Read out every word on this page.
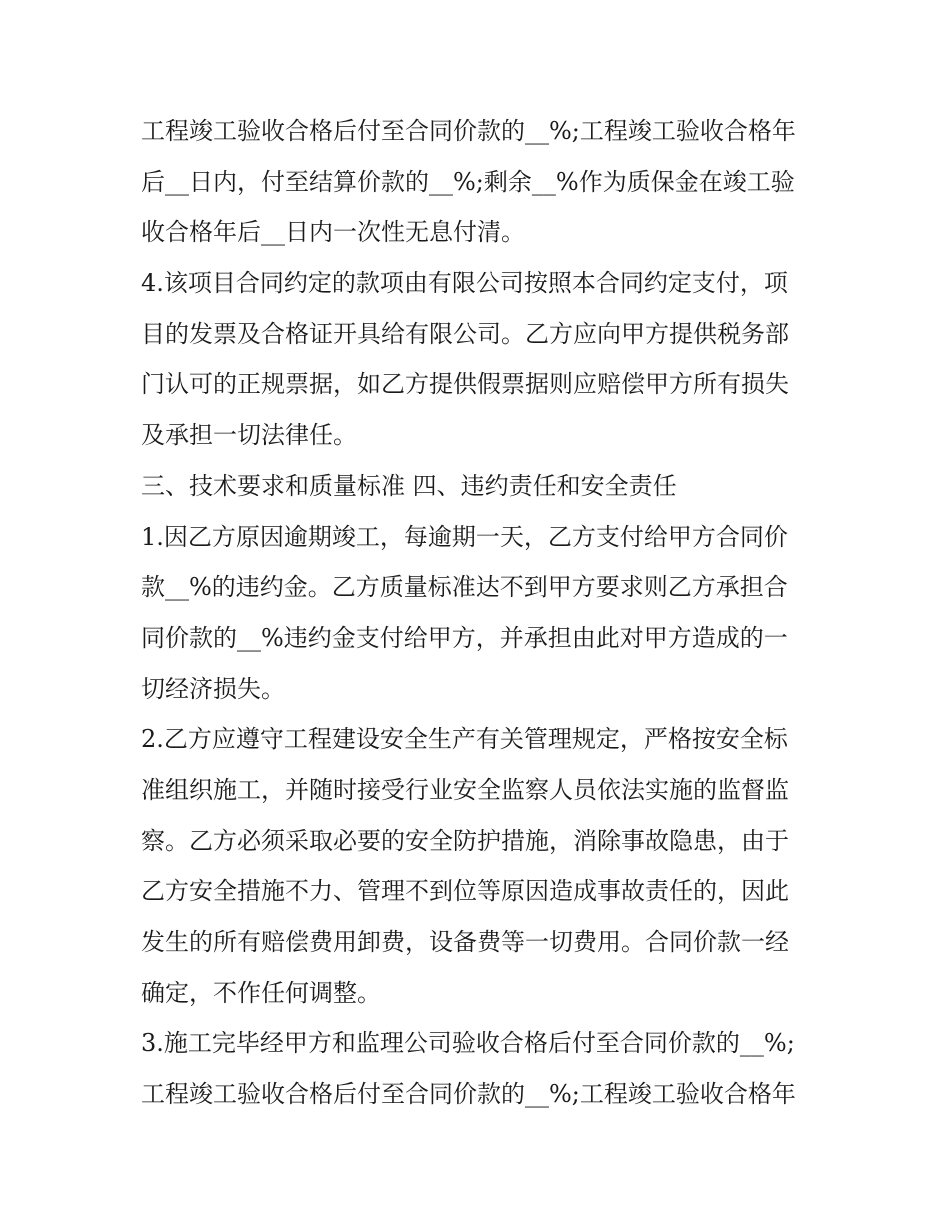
工程竣工验收合格后付至合同价款的__%;工程竣工验收合格年
后__日内，付至结算价款的__%;剩余__%作为质保金在竣工验
收合格年后__日内一次性无息付清。
4.该项目合同约定的款项由有限公司按照本合同约定支付，项
目的发票及合格证开具给有限公司。乙方应向甲方提供税务部
门认可的正规票据，如乙方提供假票据则应赔偿甲方所有损失
及承担一切法律任。
三、技术要求和质量标准 四、违约责任和安全责任
1.因乙方原因逾期竣工，每逾期一天，乙方支付给甲方合同价
款__%的违约金。乙方质量标准达不到甲方要求则乙方承担合
同价款的__%违约金支付给甲方，并承担由此对甲方造成的一
切经济损失。
2.乙方应遵守工程建设安全生产有关管理规定，严格按安全标
准组织施工，并随时接受行业安全监察人员依法实施的监督监
察。乙方必须采取必要的安全防护措施，消除事故隐患，由于
乙方安全措施不力、管理不到位等原因造成事故责任的，因此
发生的所有赔偿费用卸费，设备费等一切费用。合同价款一经
确定，不作任何调整。
3.施工完毕经甲方和监理公司验收合格后付至合同价款的__%;
工程竣工验收合格后付至合同价款的__%;工程竣工验收合格年
